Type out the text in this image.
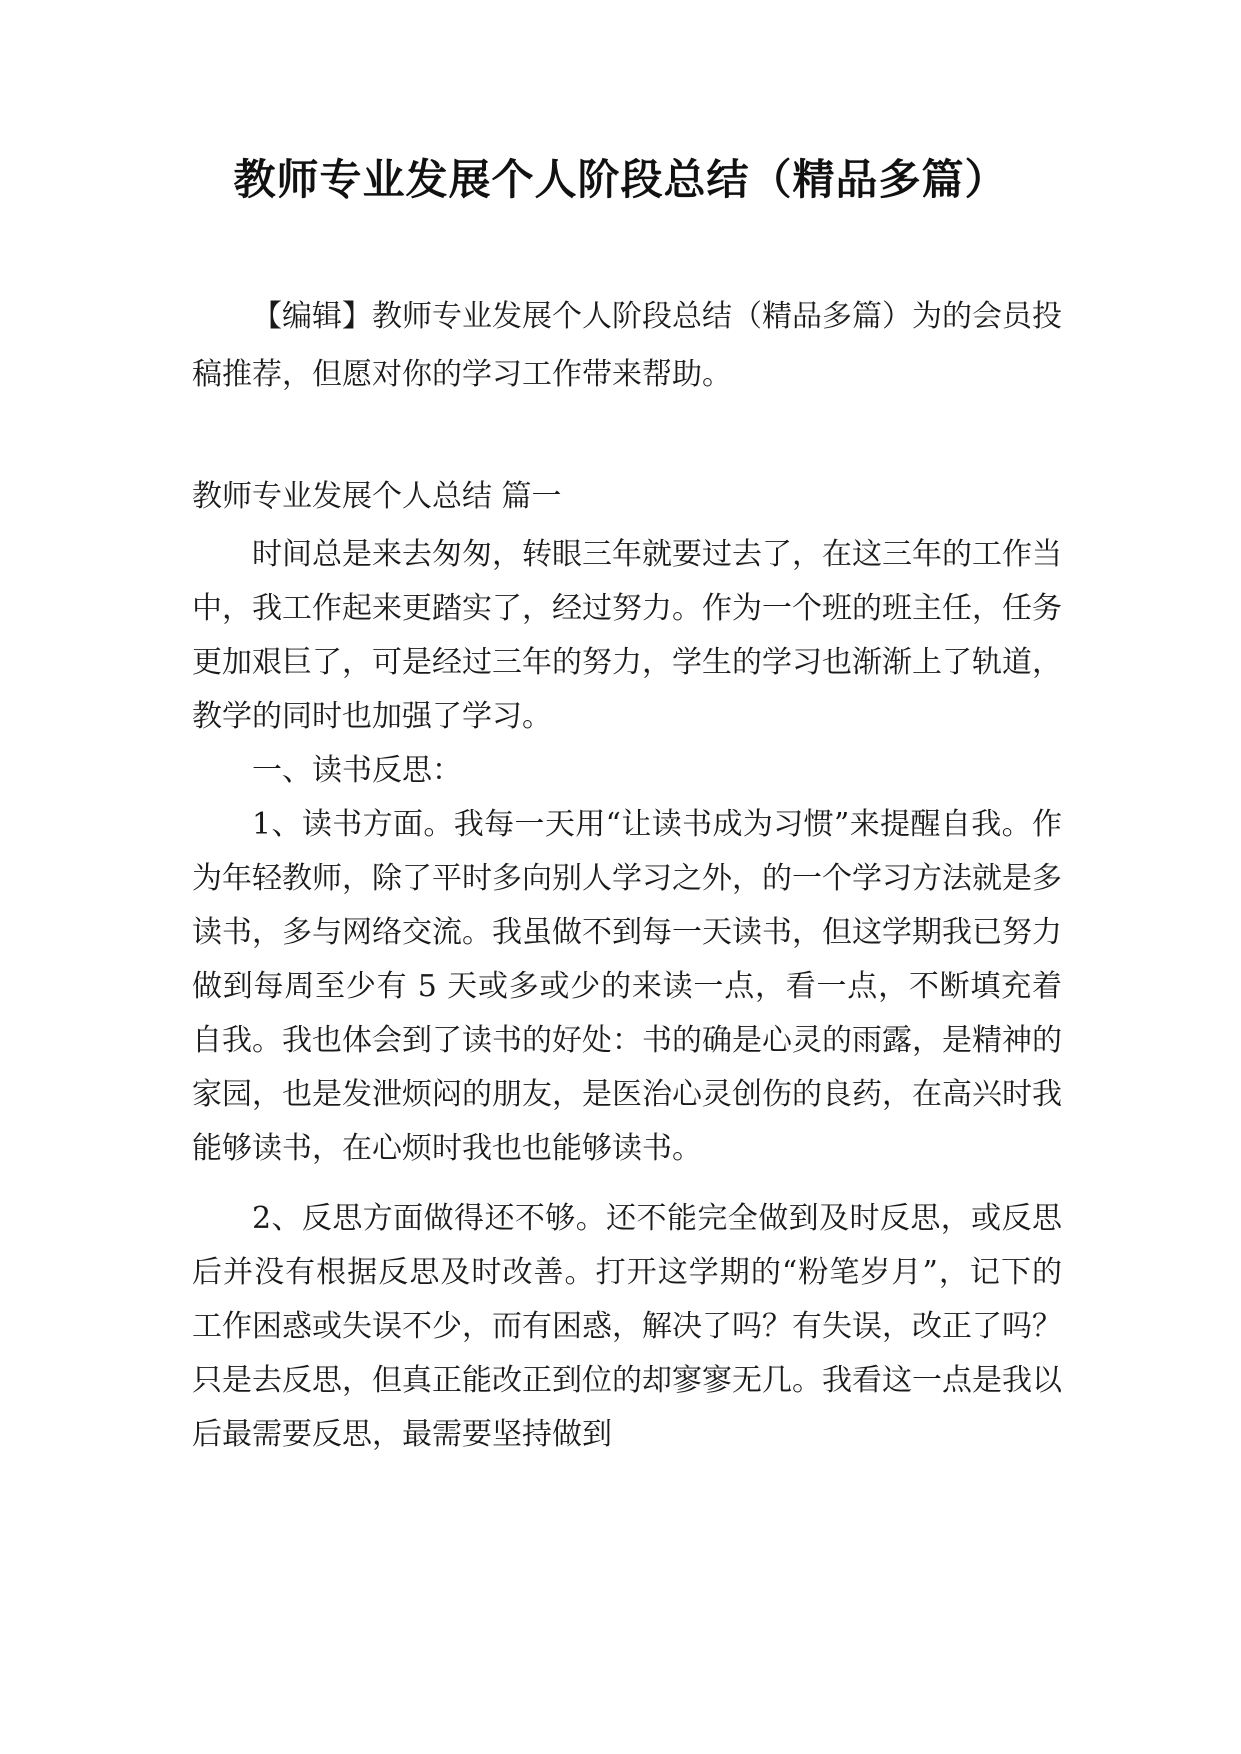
教师专业发展个人阶段总结（精品多篇）

【编辑】教师专业发展个人阶段总结（精品多篇）为的会员投稿推荐，但愿对你的学习工作带来帮助。

教师专业发展个人总结 篇一

时间总是来去匆匆，转眼三年就要过去了，在这三年的工作当中，我工作起来更踏实了，经过努力。作为一个班的班主任，任务更加艰巨了，可是经过三年的努力，学生的学习也渐渐上了轨道，教学的同时也加强了学习。

一、读书反思：

1、读书方面。我每一天用“让读书成为习惯”来提醒自我。作为年轻教师，除了平时多向别人学习之外，的一个学习方法就是多读书，多与网络交流。我虽做不到每一天读书，但这学期我已努力做到每周至少有 5 天或多或少的来读一点，看一点，不断填充着自我。我也体会到了读书的好处：书的确是心灵的雨露，是精神的家园，也是发泄烦闷的朋友，是医治心灵创伤的良药，在高兴时我能够读书，在心烦时我也也能够读书。

2、反思方面做得还不够。还不能完全做到及时反思，或反思后并没有根据反思及时改善。打开这学期的“粉笔岁月”，记下的工作困惑或失误不少，而有困惑，解决了吗？有失误，改正了吗？只是去反思，但真正能改正到位的却寥寥无几。我看这一点是我以后最需要反思，最需要坚持做到
